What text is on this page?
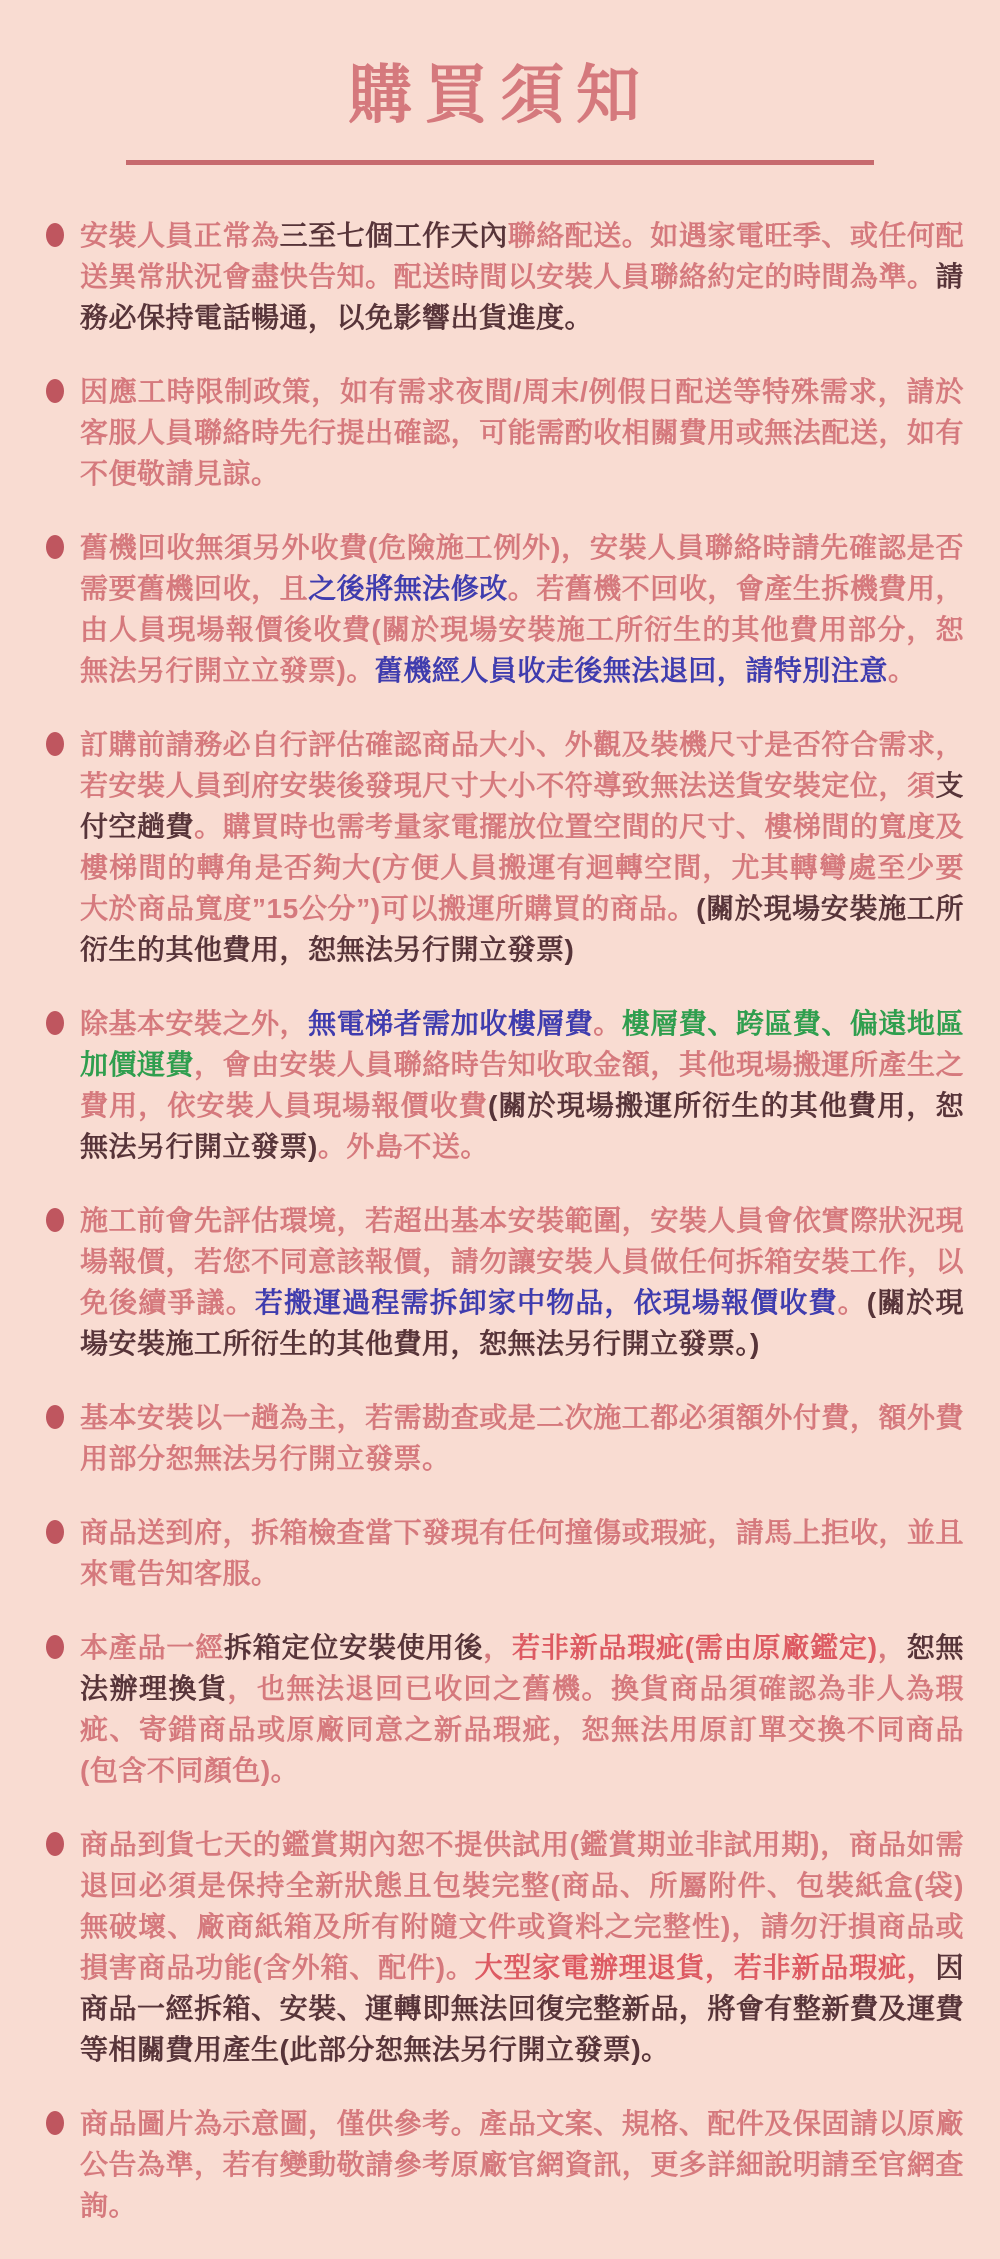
購買須知
安裝人員正常為三至七個工作天內聯絡配送。如遇家電旺季、或任何配送異常狀況會盡快告知。配送時間以安裝人員聯絡約定的時間為準。請務必保持電話暢通，以免影響出貨進度。
因應工時限制政策，如有需求夜間/周末/例假日配送等特殊需求，請於客服人員聯絡時先行提出確認，可能需酌收相關費用或無法配送，如有不便敬請見諒。
舊機回收無須另外收費(危險施工例外)，安裝人員聯絡時請先確認是否需要舊機回收，且之後將無法修改。若舊機不回收，會產生拆機費用，由人員現場報價後收費(關於現場安裝施工所衍生的其他費用部分，恕無法另行開立立發票)。舊機經人員收走後無法退回，請特別注意。
訂購前請務必自行評估確認商品大小、外觀及裝機尺寸是否符合需求，若安裝人員到府安裝後發現尺寸大小不符導致無法送貨安裝定位，須支付空趟費。購買時也需考量家電擺放位置空間的尺寸、樓梯間的寬度及樓梯間的轉角是否夠大(方便人員搬運有迴轉空間，尤其轉彎處至少要大於商品寬度”15公分”)可以搬運所購買的商品。(關於現場安裝施工所衍生的其他費用，恕無法另行開立發票)
除基本安裝之外，無電梯者需加收樓層費。樓層費、跨區費、偏遠地區加價運費，會由安裝人員聯絡時告知收取金額，其他現場搬運所產生之費用，依安裝人員現場報價收費(關於現場搬運所衍生的其他費用，恕無法另行開立發票)。外島不送。
施工前會先評估環境，若超出基本安裝範圍，安裝人員會依實際狀況現場報價，若您不同意該報價，請勿讓安裝人員做任何拆箱安裝工作，以免後續爭議。若搬運過程需拆卸家中物品，依現場報價收費。(關於現場安裝施工所衍生的其他費用，恕無法另行開立發票。)
基本安裝以一趟為主，若需勘查或是二次施工都必須額外付費，額外費用部分恕無法另行開立發票。
商品送到府，拆箱檢查當下發現有任何撞傷或瑕疵，請馬上拒收，並且來電告知客服。
本產品一經拆箱定位安裝使用後，若非新品瑕疵(需由原廠鑑定)，恕無法辦理換貨，也無法退回已收回之舊機。換貨商品須確認為非人為瑕疵、寄錯商品或原廠同意之新品瑕疵，恕無法用原訂單交換不同商品(包含不同顏色)。
商品到貨七天的鑑賞期內恕不提供試用(鑑賞期並非試用期)，商品如需退回必須是保持全新狀態且包裝完整(商品、所屬附件、包裝紙盒(袋)無破壞、廠商紙箱及所有附隨文件或資料之完整性)，請勿汙損商品或損害商品功能(含外箱、配件)。大型家電辦理退貨，若非新品瑕疵，因商品一經拆箱、安裝、運轉即無法回復完整新品，將會有整新費及運費等相關費用產生(此部分恕無法另行開立發票)。
商品圖片為示意圖，僅供參考。產品文案、規格、配件及保固請以原廠公告為準，若有變動敬請參考原廠官網資訊，更多詳細說明請至官網查詢。
